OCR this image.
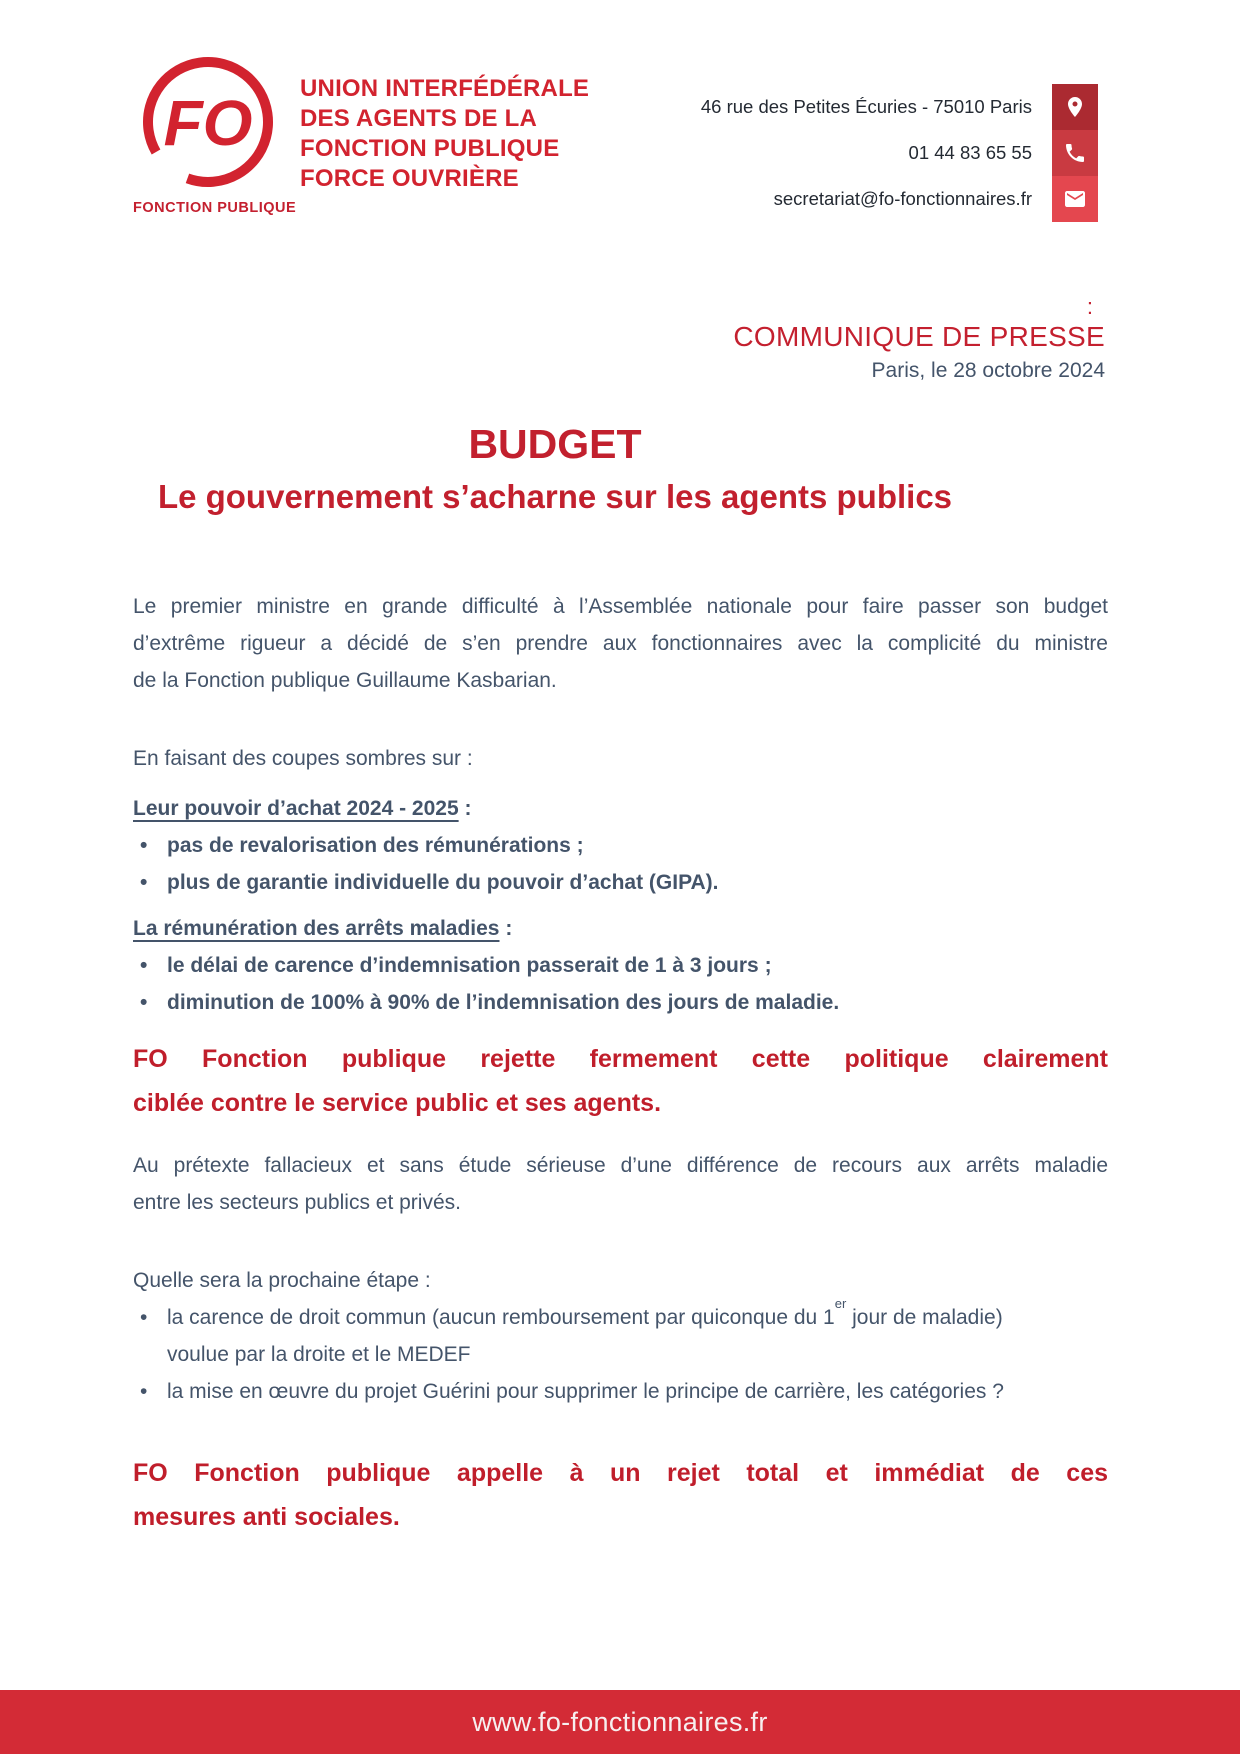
FO
FONCTION PUBLIQUE
UNION INTERFÉDÉRALE
DES AGENTS DE LA
FONCTION PUBLIQUE
FORCE OUVRIÈRE
46 rue des Petites Écuries - 75010 Paris
01 44 83 65 55
secretariat@fo-fonctionnaires.fr
:
COMMUNIQUE DE PRESSE
Paris, le 28 octobre 2024
BUDGET
Le gouvernement s’acharne sur les agents publics
Le premier ministre en grande difficulté à l’Assemblée nationale pour faire passer son budget
d’extrême rigueur a décidé de s’en prendre aux fonctionnaires avec la complicité du ministre
de la Fonction publique Guillaume Kasbarian.
En faisant des coupes sombres sur :
Leur pouvoir d’achat 2024 - 2025 :
• pas de revalorisation des rémunérations ;
• plus de garantie individuelle du pouvoir d’achat (GIPA).
La rémunération des arrêts maladies :
• le délai de carence d’indemnisation passerait de 1 à 3 jours ;
• diminution de 100% à 90% de l’indemnisation des jours de maladie.
FO Fonction publique rejette fermement cette politique clairement
ciblée contre le service public et ses agents.
Au prétexte fallacieux et sans étude sérieuse d’une différence de recours aux arrêts maladie
entre les secteurs publics et privés.
Quelle sera la prochaine étape :
• la carence de droit commun (aucun remboursement par quiconque du 1er jour de maladie)
voulue par la droite et le MEDEF
• la mise en œuvre du projet Guérini pour supprimer le principe de carrière, les catégories ?
FO Fonction publique appelle à un rejet total et immédiat de ces
mesures anti sociales.
www.fo-fonctionnaires.fr
